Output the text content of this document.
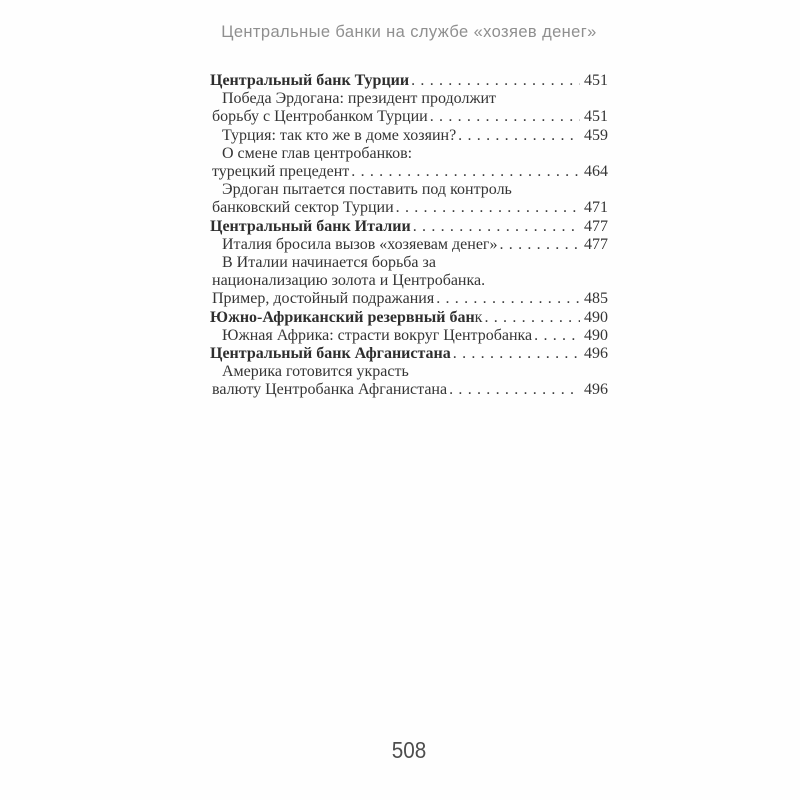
Центральные банки на службе «хозяев денег»
Центральный банк Турции . . .	451
Победа Эрдогана: президент продолжит
борьбу с Центробанком Турции . . .	451
Турция: так кто же в доме хозяин? . . .	459
О смене глав центробанков:
турецкий прецедент . . .	464
Эрдоган пытается поставить под контроль
банковский сектор Турции . . .	471
Центральный банк Италии . . .	477
Италия бросила вызов «хозяевам денег» . . .	477
В Италии начинается борьба за
национализацию золота и Центробанка.
Пример, достойный подражания . . .	485
Южно-Африканский резервный банк . . .	490
Южная Африка: страсти вокруг Центробанка . . .	490
Центральный банк Афганистана . . .	496
Америка готовится украсть
валюту Центробанка Афганистана . . .	496
508
